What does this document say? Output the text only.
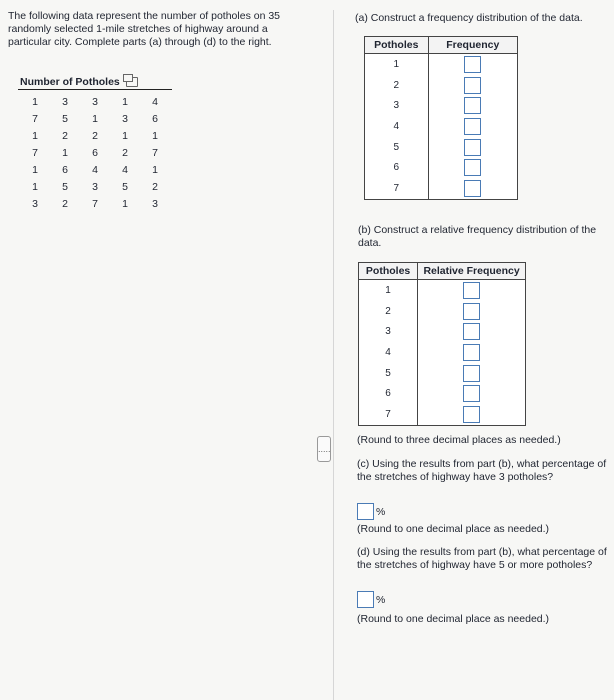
The following data represent the number of potholes on 35 randomly selected 1-mile stretches of highway around a particular city. Complete parts (a) through (d) to the right.

Number of Potholes
1	3	3	1	4
7	5	1	3	6
1	2	2	1	1
7	1	6	2	7
1	6	4	4	1
1	5	3	5	2
3	2	7	1	3
(a) Construct a frequency distribution of the data.
Potholes	Frequency
1	
2	
3	
4	
5	
6	
7	
(b) Construct a relative frequency distribution of the data.
Potholes	Relative Frequency
1	
2	
3	
4	
5	
6	
7	
.....
(Round to three decimal places as needed.)
(c) Using the results from part (b), what percentage of the stretches of highway have 3 potholes?
%
(Round to one decimal place as needed.)
(d) Using the results from part (b), what percentage of the stretches of highway have 5 or more potholes?
%
(Round to one decimal place as needed.)
